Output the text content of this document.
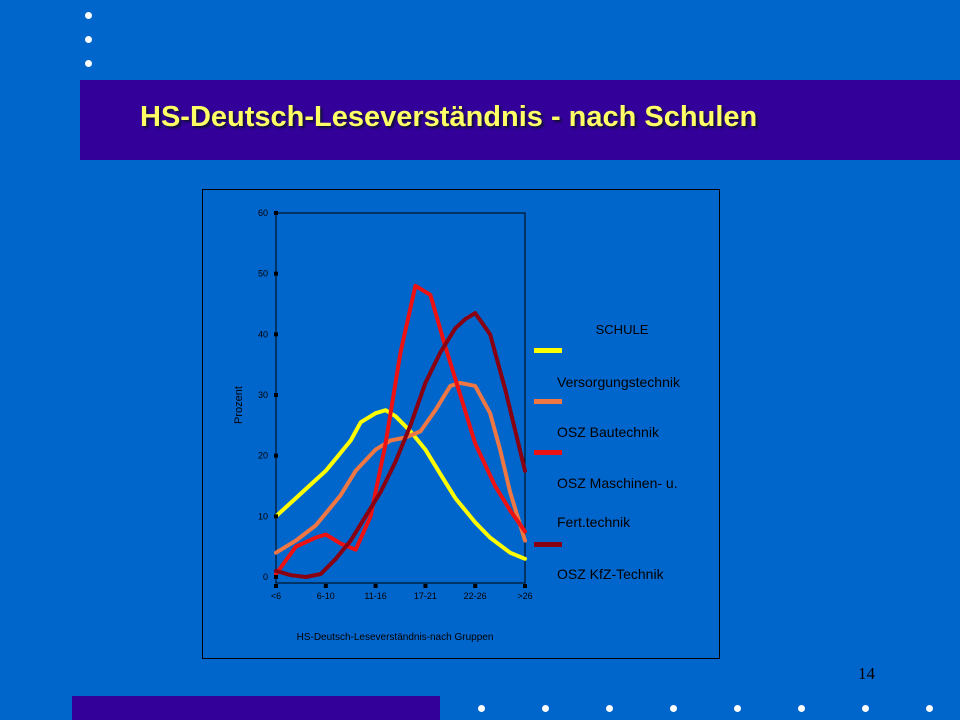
HS-Deutsch-Leseverständnis - nach Schulen
0
10
20
30
40
50
60
<6	6-10	11-16	17-21	22-26	>26
Prozent
HS-Deutsch-Leseverständnis-nach Gruppen
SCHULE
Versorgungstechnik
OSZ Bautechnik
OSZ Maschinen- u.
Fert.technik
OSZ KfZ-Technik
14
